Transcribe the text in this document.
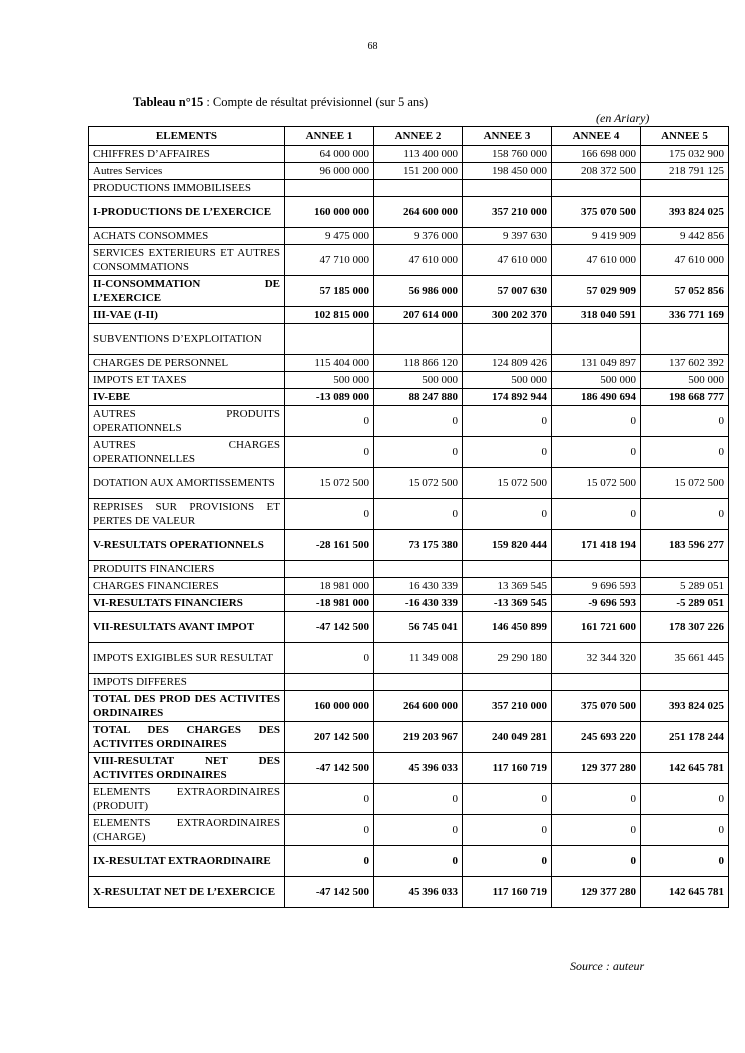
68
Tableau n°15 : Compte de résultat prévisionnel (sur 5 ans)
(en Ariary)
ELEMENTS	ANNEE 1	ANNEE 2	ANNEE 3	ANNEE 4	ANNEE 5
CHIFFRES D’AFFAIRES	64 000 000	113 400 000	158 760 000	166 698 000	175 032 900
Autres Services	96 000 000	151 200 000	198 450 000	208 372 500	218 791 125
PRODUCTIONS IMMOBILISEES					
I-PRODUCTIONS DE L’EXERCICE	160 000 000	264 600 000	357 210 000	375 070 500	393 824 025
ACHATS CONSOMMES	9 475 000	9 376 000	9 397 630	9 419 909	9 442 856
SERVICES EXTERIEURS ET AUTRES CONSOMMATIONS	47 710 000	47 610 000	47 610 000	47 610 000	47 610 000
II-CONSOMMATION DE L’EXERCICE	57 185 000	56 986 000	57 007 630	57 029 909	57 052 856
III-VAE (I-II)	102 815 000	207 614 000	300 202 370	318 040 591	336 771 169
SUBVENTIONS D’EXPLOITATION					
CHARGES DE PERSONNEL	115 404 000	118 866 120	124 809 426	131 049 897	137 602 392
IMPOTS ET TAXES	500 000	500 000	500 000	500 000	500 000
IV-EBE	-13 089 000	88 247 880	174 892 944	186 490 694	198 668 777
AUTRES PRODUITS OPERATIONNELS	0	0	0	0	0
AUTRES CHARGES OPERATIONNELLES	0	0	0	0	0
DOTATION AUX AMORTISSEMENTS	15 072 500	15 072 500	15 072 500	15 072 500	15 072 500
REPRISES SUR PROVISIONS ET PERTES DE VALEUR	0	0	0	0	0
V-RESULTATS OPERATIONNELS	-28 161 500	73 175 380	159 820 444	171 418 194	183 596 277
PRODUITS FINANCIERS					
CHARGES FINANCIERES	18 981 000	16 430 339	13 369 545	9 696 593	5 289 051
VI-RESULTATS FINANCIERS	-18 981 000	-16 430 339	-13 369 545	-9 696 593	-5 289 051
VII-RESULTATS AVANT IMPOT	-47 142 500	56 745 041	146 450 899	161 721 600	178 307 226
IMPOTS EXIGIBLES SUR RESULTAT	0	11 349 008	29 290 180	32 344 320	35 661 445
IMPOTS DIFFERES					
TOTAL DES PROD DES ACTIVITES ORDINAIRES	160 000 000	264 600 000	357 210 000	375 070 500	393 824 025
TOTAL DES CHARGES DES ACTIVITES ORDINAIRES	207 142 500	219 203 967	240 049 281	245 693 220	251 178 244
VIII-RESULTAT NET DES ACTIVITES ORDINAIRES	-47 142 500	45 396 033	117 160 719	129 377 280	142 645 781
ELEMENTS EXTRAORDINAIRES (PRODUIT)	0	0	0	0	0
ELEMENTS EXTRAORDINAIRES (CHARGE)	0	0	0	0	0
IX-RESULTAT EXTRAORDINAIRE	0	0	0	0	0
X-RESULTAT NET DE L’EXERCICE	-47 142 500	45 396 033	117 160 719	129 377 280	142 645 781
Source : auteur
